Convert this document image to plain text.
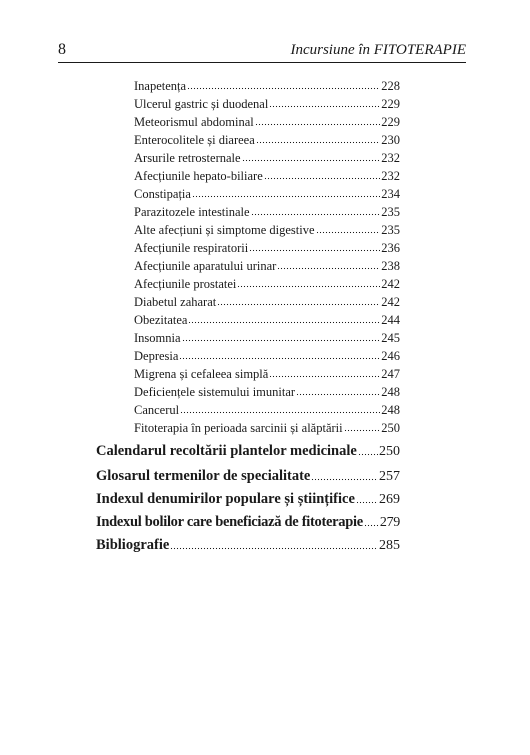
8	Incursiune în FITOTERAPIE
Inapetența	228
Ulcerul gastric și duodenal	229
Meteorismul abdominal	229
Enterocolitele și diareea	230
Arsurile retrosternale	232
Afecțiunile hepato-biliare	232
Constipația	234
Parazitozele intestinale	235
Alte afecțiuni și simptome digestive	235
Afecțiunile respiratorii	236
Afecțiunile aparatului urinar	238
Afecțiunile prostatei	242
Diabetul zaharat	242
Obezitatea	244
Insomnia	245
Depresia	246
Migrena și cefaleea simplă	247
Deficiențele sistemului imunitar	248
Cancerul	248
Fitoterapia în perioada sarcinii și alăptării	250
Calendarul recoltării plantelor medicinale 250
Glosarul termenilor de specialitate	257
Indexul denumirilor populare și științifice 269
Indexul bolilor care beneficiază de fitoterapie 279
Bibliografie	285
